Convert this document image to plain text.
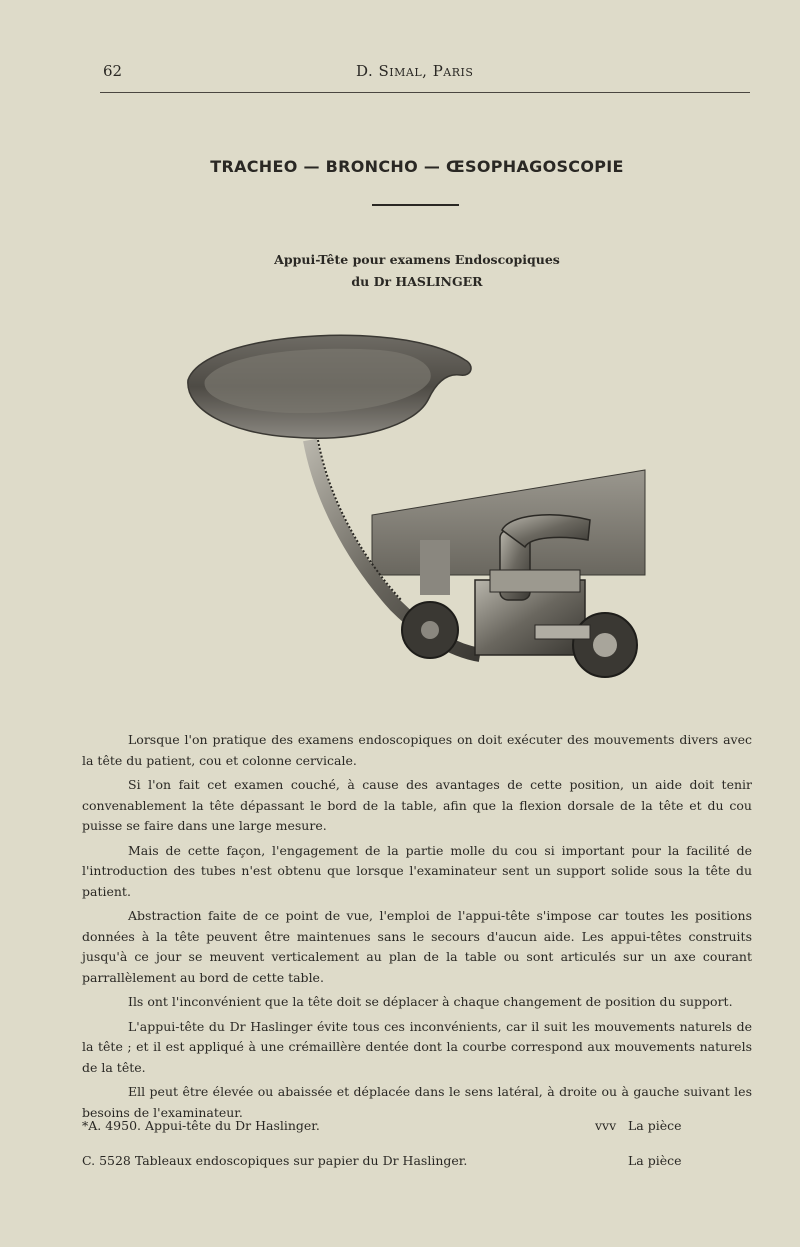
62	D. Simal, Paris
TRACHEO — BRONCHO — ŒSOPHAGOSCOPIE
Appui-Tête pour examens Endoscopiques
du Dr HASLINGER

Lorsque l'on pratique des examens endoscopiques on doit exécuter des mouvements divers avec la tête du patient, cou et colonne cervicale.

Si l'on fait cet examen couché, à cause des avantages de cette position, un aide doit tenir convenablement la tête dépassant le bord de la table, afin que la flexion dorsale de la tête et du cou puisse se faire dans une large mesure.

Mais de cette façon, l'engagement de la partie molle du cou si important pour la facilité de l'introduction des tubes n'est obtenu que lorsque l'examinateur sent un support solide sous la tête du patient.

Abstraction faite de ce point de vue, l'emploi de l'appui-tête s'impose car toutes les positions données à la tête peuvent être maintenues sans le secours d'aucun aide. Les appui-têtes construits jusqu'à ce jour se meuvent verticalement au plan de la table ou sont articulés sur un axe courant parrallèlement au bord de cette table.

Ils ont l'inconvénient que la tête doit se déplacer à chaque changement de position du support.

L'appui-tête du Dr Haslinger évite tous ces inconvénients, car il suit les mouvements naturels de la tête ; et il est appliqué à une crémaillère dentée dont la courbe correspond aux mouvements naturels de la tête.

Ell peut être élevée ou abaissée et déplacée dans le sens latéral, à droite ou à gauche suivant les besoins de l'examinateur.

*A. 4950. Appui-tête du Dr Haslinger.	vvv La pièce
C. 5528 Tableaux endoscopiques sur papier du Dr Haslinger.	La pièce
